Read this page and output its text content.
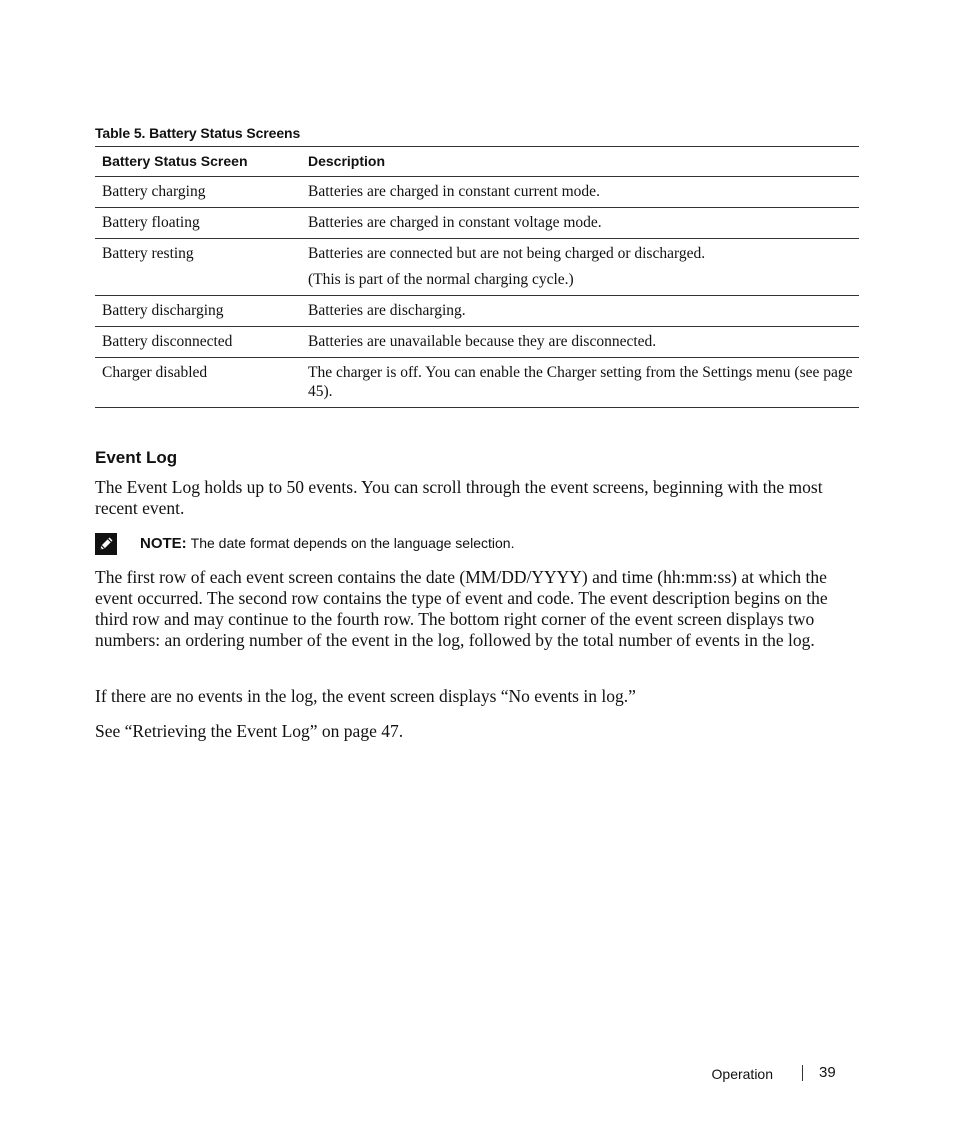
Table 5. Battery Status Screens
Battery Status Screen	Description
Battery charging	Batteries are charged in constant current mode.

Battery floating	Batteries are charged in constant voltage mode.

Battery resting	Batteries are connected but are not being charged or discharged.

(This is part of the normal charging cycle.)

Battery discharging	Batteries are discharging.

Battery disconnected	Batteries are unavailable because they are disconnected.

Charger disabled	The charger is off. You can enable the Charger setting from the Settings menu (see page 45).

Event Log

The Event Log holds up to 50 events. You can scroll through the event screens, beginning with the most recent event.

NOTE: The date format depends on the language selection.

The first row of each event screen contains the date (MM/DD/YYYY) and time (hh:mm:ss) at which the event occurred. The second row contains the type of event and code. The event description begins on the third row and may continue to the fourth row. The bottom right corner of the event screen displays two numbers: an ordering number of the event in the log, followed by the total number of events in the log.

If there are no events in the log, the event screen displays “No events in log.”

See “Retrieving the Event Log” on page 47.

Operation	39
